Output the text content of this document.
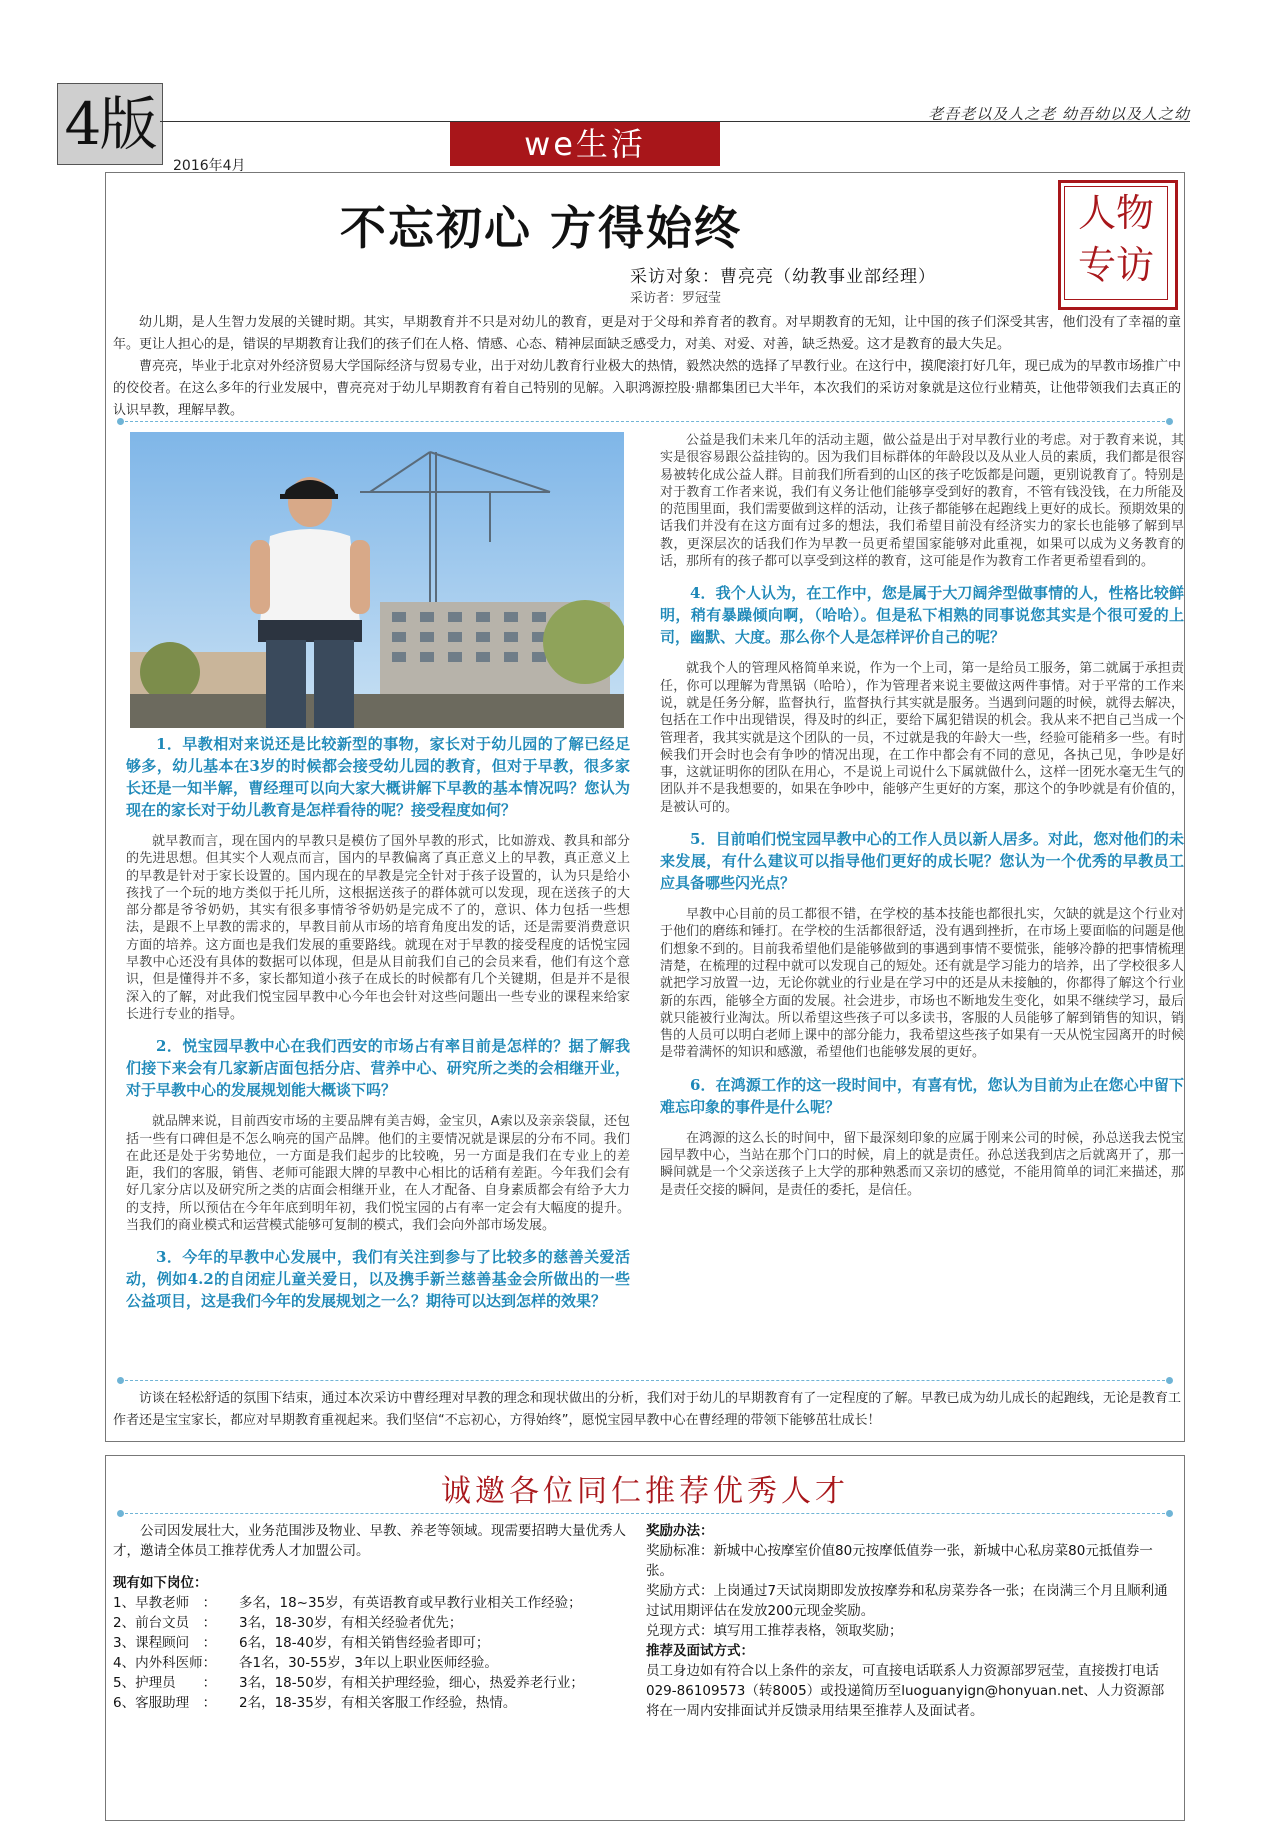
4版	老吾老以及人之老 幼吾幼以及人之幼
2016年4月
we生活
不忘初心 方得始终
采访对象：曹亮亮（幼教事业部经理）
采访者：罗冠莹
人物
专访

幼儿期，是人生智力发展的关键时期。其实，早期教育并不只是对幼儿的教育，更是对于父母和养育者的教育。对早期教育的无知，让中国的孩子们深受其害，他们没有了幸福的童年。更让人担心的是，错误的早期教育让我们的孩子们在人格、情感、心态、精神层面缺乏感受力，对美、对爱、对善，缺乏热爱。这才是教育的最大失足。

曹亮亮，毕业于北京对外经济贸易大学国际经济与贸易专业，出于对幼儿教育行业极大的热情，毅然决然的选择了早教行业。在这行中，摸爬滚打好几年，现已成为的早教市场推广中的佼佼者。在这么多年的行业发展中，曹亮亮对于幼儿早期教育有着自己特别的见解。入职鸿源控股·鼎都集团已大半年，本次我们的采访对象就是这位行业精英，让他带领我们去真正的认识早教，理解早教。

1．早教相对来说还是比较新型的事物，家长对于幼儿园的了解已经足够多，幼儿基本在3岁的时候都会接受幼儿园的教育，但对于早教，很多家长还是一知半解，曹经理可以向大家大概讲解下早教的基本情况吗？您认为现在的家长对于幼儿教育是怎样看待的呢？接受程度如何？

就早教而言，现在国内的早教只是模仿了国外早教的形式，比如游戏、教具和部分的先进思想。但其实个人观点而言，国内的早教偏离了真正意义上的早教，真正意义上的早教是针对于家长设置的。国内现在的早教是完全针对于孩子设置的，认为只是给小孩找了一个玩的地方类似于托儿所，这根据送孩子的群体就可以发现，现在送孩子的大部分都是爷爷奶奶，其实有很多事情爷爷奶奶是完成不了的，意识、体力包括一些想法，是跟不上早教的需求的，早教目前从市场的培育角度出发的话，还是需要消费意识方面的培养。这方面也是我们发展的重要路线。就现在对于早教的接受程度的话悦宝园早教中心还没有具体的数据可以体现，但是从目前我们自己的会员来看，他们有这个意识，但是懂得并不多，家长都知道小孩子在成长的时候都有几个关键期，但是并不是很深入的了解，对此我们悦宝园早教中心今年也会针对这些问题出一些专业的课程来给家长进行专业的指导。

2．悦宝园早教中心在我们西安的市场占有率目前是怎样的？据了解我们接下来会有几家新店面包括分店、营养中心、研究所之类的会相继开业，对于早教中心的发展规划能大概谈下吗？

就品牌来说，目前西安市场的主要品牌有美吉姆，金宝贝，A索以及亲亲袋鼠，还包括一些有口碑但是不怎么响亮的国产品牌。他们的主要情况就是课层的分布不同。我们在此还是处于劣势地位，一方面是我们起步的比较晚，另一方面是我们在专业上的差距，我们的客服，销售、老师可能跟大牌的早教中心相比的话稍有差距。今年我们会有好几家分店以及研究所之类的店面会相继开业，在人才配备、自身素质都会有给予大力的支持，所以预估在今年年底到明年初，我们悦宝园的占有率一定会有大幅度的提升。当我们的商业模式和运营模式能够可复制的模式，我们会向外部市场发展。

3．今年的早教中心发展中，我们有关注到参与了比较多的慈善关爱活动，例如4.2的自闭症儿童关爱日，以及携手新兰慈善基金会所做出的一些公益项目，这是我们今年的发展规划之一么？期待可以达到怎样的效果？

公益是我们未来几年的活动主题，做公益是出于对早教行业的考虑。对于教育来说，其实是很容易跟公益挂钩的。因为我们目标群体的年龄段以及从业人员的素质，我们都是很容易被转化成公益人群。目前我们所看到的山区的孩子吃饭都是问题，更别说教育了。特别是对于教育工作者来说，我们有义务让他们能够享受到好的教育，不管有钱没钱，在力所能及的范围里面，我们需要做到这样的活动，让孩子都能够在起跑线上更好的成长。预期效果的话我们并没有在这方面有过多的想法，我们希望目前没有经济实力的家长也能够了解到早教，更深层次的话我们作为早教一员更希望国家能够对此重视，如果可以成为义务教育的话，那所有的孩子都可以享受到这样的教育，这可能是作为教育工作者更希望看到的。

4．我个人认为，在工作中，您是属于大刀阔斧型做事情的人，性格比较鲜明，稍有暴躁倾向啊，（哈哈）。但是私下相熟的同事说您其实是个很可爱的上司，幽默、大度。那么你个人是怎样评价自己的呢？

就我个人的管理风格简单来说，作为一个上司，第一是给员工服务，第二就属于承担责任，你可以理解为背黑锅（哈哈），作为管理者来说主要做这两件事情。对于平常的工作来说，就是任务分解，监督执行，监督执行其实就是服务。当遇到问题的时候，就得去解决，包括在工作中出现错误，得及时的纠正，要给下属犯错误的机会。我从来不把自己当成一个管理者，我其实就是这个团队的一员，不过就是我的年龄大一些，经验可能稍多一些。有时候我们开会时也会有争吵的情况出现，在工作中都会有不同的意见，各执己见，争吵是好事，这就证明你的团队在用心，不是说上司说什么下属就做什么，这样一团死水毫无生气的团队并不是我想要的，如果在争吵中，能够产生更好的方案，那这个的争吵就是有价值的，是被认可的。

5．目前咱们悦宝园早教中心的工作人员以新人居多。对此，您对他们的未来发展，有什么建议可以指导他们更好的成长呢？您认为一个优秀的早教员工应具备哪些闪光点？

早教中心目前的员工都很不错，在学校的基本技能也都很扎实，欠缺的就是这个行业对于他们的磨练和锤打。在学校的生活都很舒适，没有遇到挫折，在市场上要面临的问题是他们想象不到的。目前我希望他们是能够做到的事遇到事情不要慌张，能够冷静的把事情梳理清楚，在梳理的过程中就可以发现自己的短处。还有就是学习能力的培养，出了学校很多人就把学习放置一边，无论你就业的行业是在学习中的还是从未接触的，你都得了解这个行业新的东西，能够全方面的发展。社会进步，市场也不断地发生变化，如果不继续学习，最后就只能被行业淘汰。所以希望这些孩子可以多读书，客服的人员能够了解到销售的知识，销售的人员可以明白老师上课中的部分能力，我希望这些孩子如果有一天从悦宝园离开的时候是带着满怀的知识和感激，希望他们也能够发展的更好。

6．在鸿源工作的这一段时间中，有喜有忧，您认为目前为止在您心中留下难忘印象的事件是什么呢？

在鸿源的这么长的时间中，留下最深刻印象的应属于刚来公司的时候，孙总送我去悦宝园早教中心，当站在那个门口的时候，肩上的就是责任。孙总送我到店之后就离开了，那一瞬间就是一个父亲送孩子上大学的那种熟悉而又亲切的感觉，不能用简单的词汇来描述，那是责任交接的瞬间，是责任的委托，是信任。

访谈在轻松舒适的氛围下结束，通过本次采访中曹经理对早教的理念和现状做出的分析，我们对于幼儿的早期教育有了一定程度的了解。早教已成为幼儿成长的起跑线，无论是教育工作者还是宝宝家长，都应对早期教育重视起来。我们坚信“不忘初心，方得始终”，愿悦宝园早教中心在曹经理的带领下能够茁壮成长！

诚邀各位同仁推荐优秀人才

公司因发展壮大，业务范围涉及物业、早教、养老等领域。现需要招聘大量优秀人才，邀请全体员工推荐优秀人才加盟公司。

现有如下岗位：

1、早教老师　：	多名，18~35岁，有英语教育或早教行业相关工作经验；
2、前台文员　：	3名，18-30岁，有相关经验者优先；
3、课程顾问　：	6名，18-40岁，有相关销售经验者即可；
4、内外科医师：	各1名，30-55岁，3年以上职业医师经验。
5、护理员　　：	3名，18-50岁，有相关护理经验，细心，热爱养老行业；
6、客服助理　：	2名，18-35岁，有相关客服工作经验，热情。

奖励办法：

奖励标准：新城中心按摩室价值80元按摩低值券一张，新城中心私房菜80元抵值券一张。

奖励方式：上岗通过7天试岗期即发放按摩券和私房菜券各一张；在岗满三个月且顺利通过试用期评估在发放200元现金奖励。

兑现方式：填写用工推荐表格，领取奖励；

推荐及面试方式：

员工身边如有符合以上条件的亲友，可直接电话联系人力资源部罗冠莹，直接拨打电话029-86109573（转8005）或投递简历至luoguanyign@honyuan.net、人力资源部将在一周内安排面试并反馈录用结果至推荐人及面试者。
